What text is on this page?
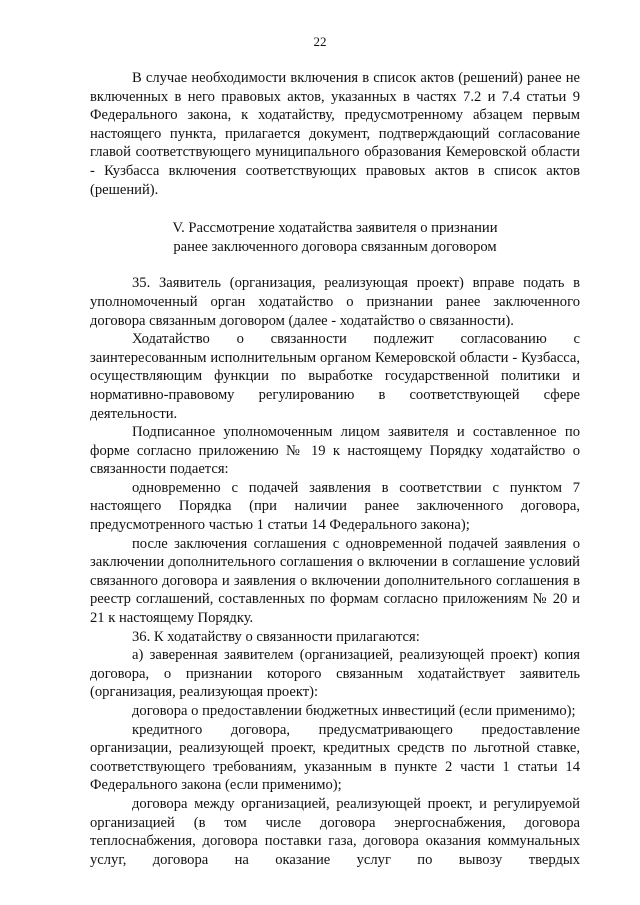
22

В случае необходимости включения в список актов (решений) ранее не включенных в него правовых актов, указанных в частях 7.2 и 7.4 статьи 9 Федерального закона, к ходатайству, предусмотренному абзацем первым настоящего пункта, прилагается документ, подтверждающий согласование главой соответствующего муниципального образования Кемеровской области - Кузбасса включения соответствующих правовых актов в список актов (решений).

V. Рассмотрение ходатайства заявителя о признании
ранее заключенного договора связанным договором

35. Заявитель (организация, реализующая проект) вправе подать в уполномоченный орган ходатайство о признании ранее заключенного договора связанным договором (далее - ходатайство о связанности).

Ходатайство о связанности подлежит согласованию с заинтересованным исполнительным органом Кемеровской области - Кузбасса, осуществляющим функции по выработке государственной политики и нормативно-правовому регулированию в соответствующей сфере деятельности.

Подписанное уполномоченным лицом заявителя и составленное по форме согласно приложению № 19 к настоящему Порядку ходатайство о связанности подается:

одновременно с подачей заявления в соответствии с пунктом 7 настоящего Порядка (при наличии ранее заключенного договора, предусмотренного частью 1 статьи 14 Федерального закона);

после заключения соглашения с одновременной подачей заявления о заключении дополнительного соглашения о включении в соглашение условий связанного договора и заявления о включении дополнительного соглашения в реестр соглашений, составленных по формам согласно приложениям № 20 и 21 к настоящему Порядку.

36. К ходатайству о связанности прилагаются:

а) заверенная заявителем (организацией, реализующей проект) копия договора, о признании которого связанным ходатайствует заявитель (организация, реализующая проект):

договора о предоставлении бюджетных инвестиций (если применимо);

кредитного договора, предусматривающего предоставление организации, реализующей проект, кредитных средств по льготной ставке, соответствующего требованиям, указанным в пункте 2 части 1 статьи 14 Федерального закона (если применимо);

договора между организацией, реализующей проект, и регулируемой организацией (в том числе договора энергоснабжения, договора теплоснабжения, договора поставки газа, договора оказания коммунальных услуг, договора на оказание услуг по вывозу твердых
